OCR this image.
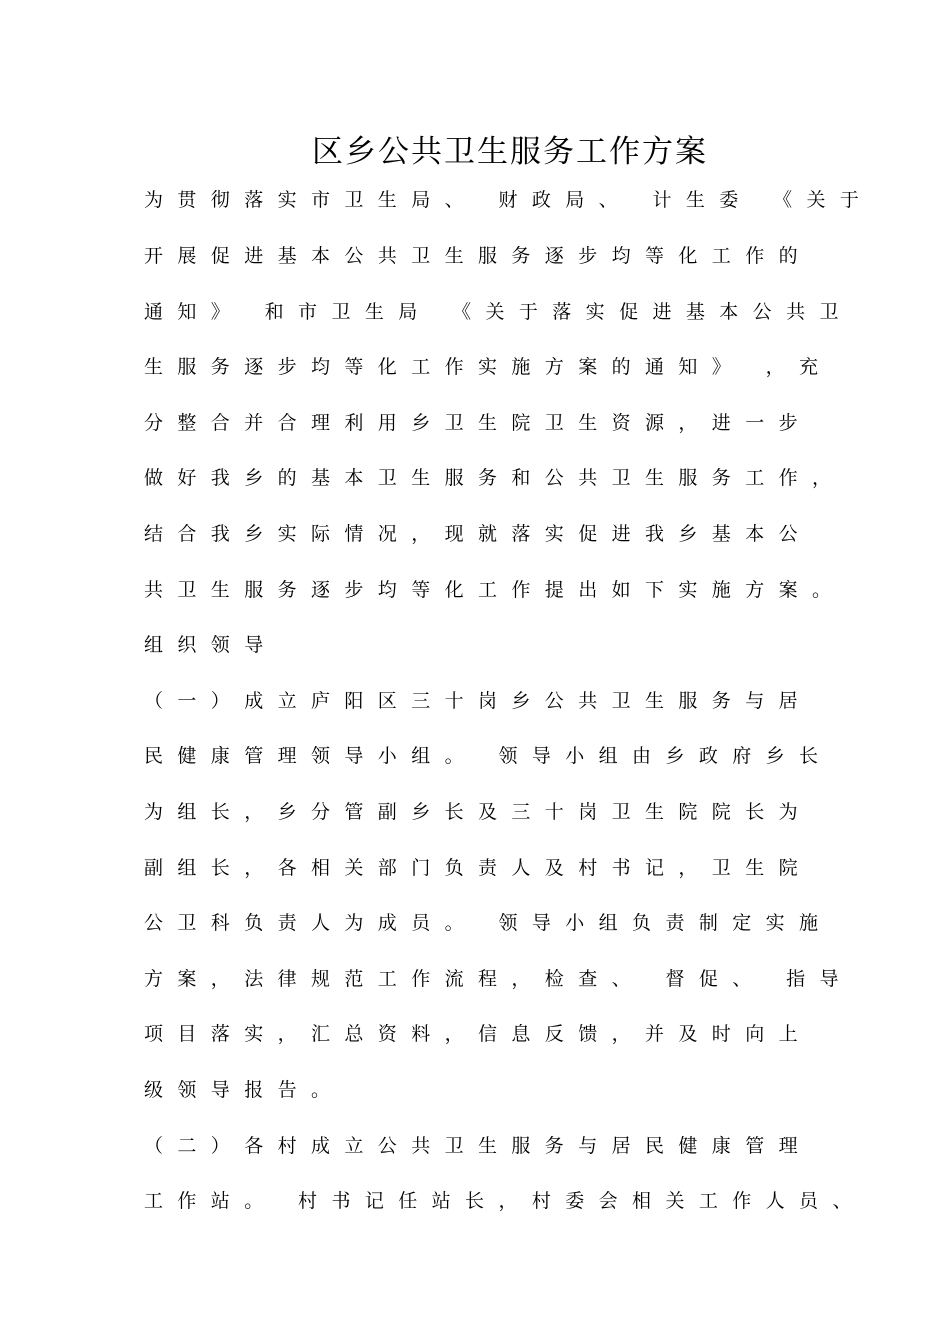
区乡公共卫生服务工作方案
为贯彻落实市卫生局、 财政局、 计生委 《关于
开展促进基本公共卫生服务逐步均等化工作的
通知》 和市卫生局 《关于落实促进基本公共卫
生服务逐步均等化工作实施方案的通知》 ，充
分整合并合理利用乡卫生院卫生资源，进一步
做好我乡的基本卫生服务和公共卫生服务工作，
结合我乡实际情况，现就落实促进我乡基本公
共卫生服务逐步均等化工作提出如下实施方案。
组织领导
（一）成立庐阳区三十岗乡公共卫生服务与居
民健康管理领导小组。 领导小组由乡政府乡长
为组长，乡分管副乡长及三十岗卫生院院长为
副组长，各相关部门负责人及村书记，卫生院
公卫科负责人为成员。 领导小组负责制定实施
方案，法律规范工作流程，检查、 督促、 指导
项目落实，汇总资料，信息反馈，并及时向上
级领导报告。
（二）各村成立公共卫生服务与居民健康管理
工作站。 村书记任站长，村委会相关工作人员、
